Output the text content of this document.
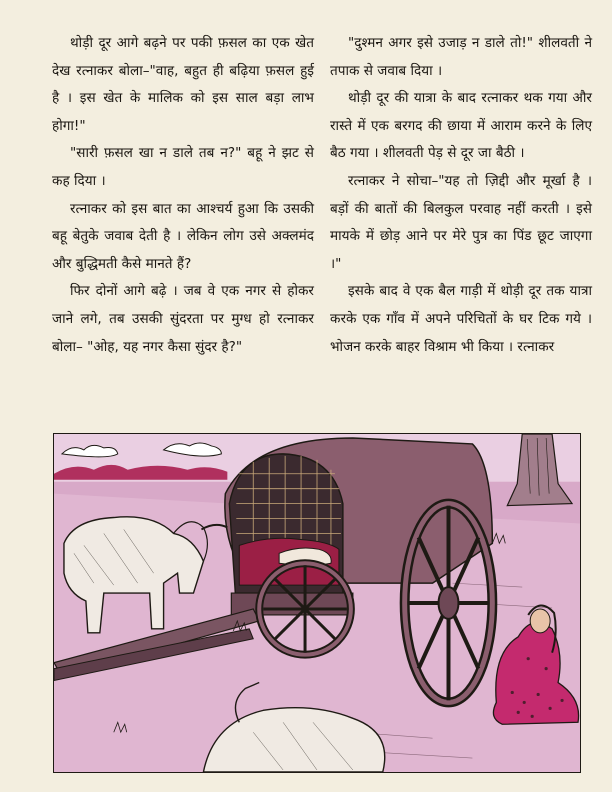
थोड़ी दूर आगे बढ़ने पर पकी फ़सल का एक खेत देख रत्नाकर बोला–"वाह, बहुत ही बढ़िया फ़सल हुई है । इस खेत के मालिक को इस साल बड़ा लाभ होगा!"

"सारी फ़सल खा न डाले तब न?" बहू ने झट से कह दिया ।

रत्नाकर को इस बात का आश्चर्य हुआ कि उसकी बहू बेतुके जवाब देती है । लेकिन लोग उसे अक्लमंद और बुद्धिमती कैसे मानते हैं?

फिर दोनों आगे बढ़े । जब वे एक नगर से होकर जाने लगे, तब उसकी सुंदरता पर मुग्ध हो रत्नाकर बोला– "ओह, यह नगर कैसा सुंदर है?"

"दुश्मन अगर इसे उजाड़ न डाले तो!" शीलवती ने तपाक से जवाब दिया ।

थोड़ी दूर की यात्रा के बाद रत्नाकर थक गया और रास्ते में एक बरगद की छाया में आराम करने के लिए बैठ गया । शीलवती पेड़ से दूर जा बैठी ।

रत्नाकर ने सोचा–"यह तो ज़िद्दी और मूर्खा है । बड़ों की बातों की बिलकुल परवाह नहीं करती । इसे मायके में छोड़ आने पर मेरे पुत्र का पिंड छूट जाएगा ।"

इसके बाद वे एक बैल गाड़ी में थोड़ी दूर तक यात्रा करके एक गाँव में अपने परिचितों के घर टिक गये । भोजन करके बाहर विश्राम भी किया । रत्नाकर
